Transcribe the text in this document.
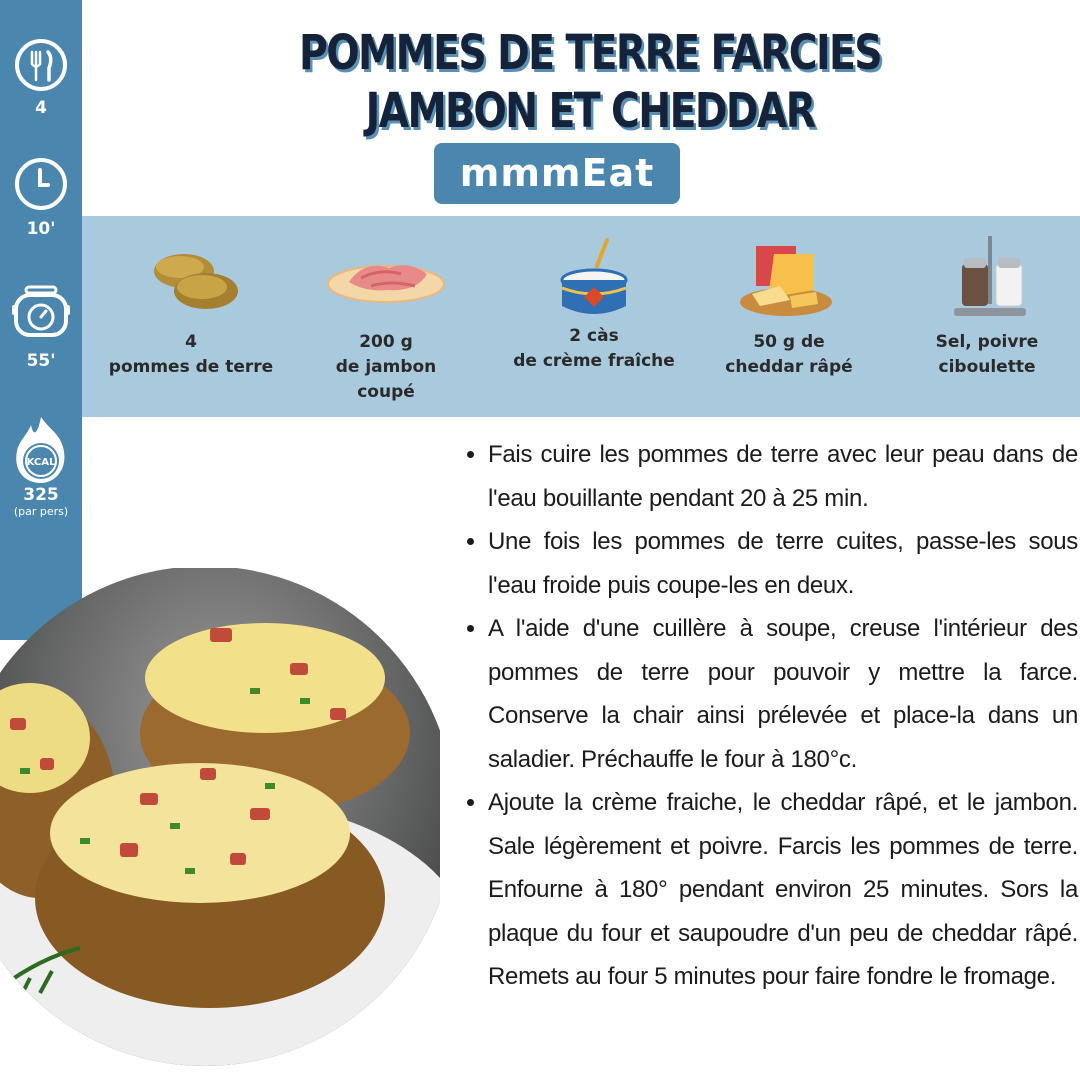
4
10'
55'
KCAL
325
(par pers)
POMMES DE TERRE FARCIES JAMBON ET CHEDDAR
mmmEat
4
pommes de terre
200 g
de jambon
coupé
2 càs
de crème fraîche
50 g de
cheddar râpé
Sel, poivre
ciboulette
• Fais cuire les pommes de terre avec leur peau dans de l'eau bouillante pendant 20 à 25 min.
• Une fois les pommes de terre cuites, passe-les sous l'eau froide puis coupe-les en deux.
• A l'aide d'une cuillère à soupe, creuse l'intérieur des pommes de terre pour pouvoir y mettre la farce. Conserve la chair ainsi prélevée et place-la dans un saladier. Préchauffe le four à 180°c.
• Ajoute la crème fraiche, le cheddar râpé, et le jambon. Sale légèrement et poivre. Farcis les pommes de terre. Enfourne à 180° pendant environ 25 minutes. Sors la plaque du four et saupoudre d'un peu de cheddar râpé. Remets au four 5 minutes pour faire fondre le fromage.
